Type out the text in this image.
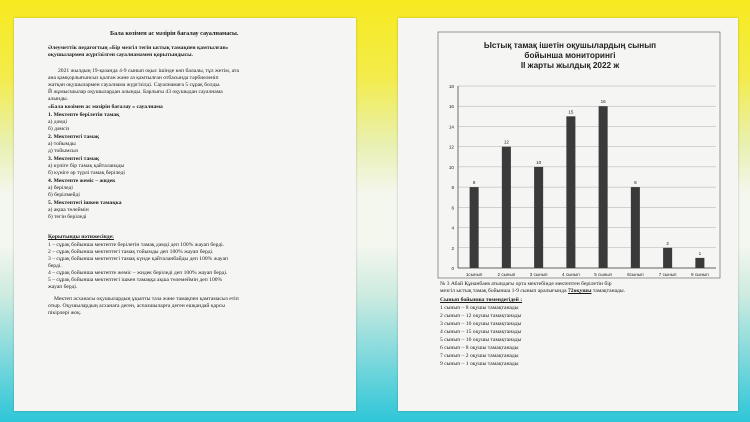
Бала көзімен ас мәзірін бағалау сауалнамасы.
Әлеуметтік педагогтың «Бір мезгіл тегін ыстық тамақпен қамтылған»
оқушылармен жүргізілген сауалнамамен қорытындысы.
2021 жылдың 19-қазанда 4-9 сынып оқыс ішінде көп балалы, тұл жетім, ата
ана қамқорлығынсыз қалған және аз қамтылған отбасында тәрбиеленіп
жатқан оқушылармен сауалнама жүргізілді. Сауалнамаға 5 сұрақ болды.
Й жұмысшылар оқушылардан алынды. Барлығы 43 оқушыдан сауалнама
алынды.
«Бала көзімен ас мәзірін бағалау » сауалнама
1. Мектепте берілетін тамақ
а) дәмді
б) дәмсіз
2. Мектептегі тамақ
а) тойымды
д) тойымсыз
3. Мектептегі тамақ
а) күнiге бір тамақ қайталанады
б) күнiге әр түрлі тамақ беріледі
4. Мектепте жеміс – жидек
а) беріледі
б) берілмейді
5. Мектептегі ішкен тамақка
а) ақша төлеймін
б) тегін беріледі
Қорытынды нәтижесінде:
1 – сұрақ бойынша мектепте берілетін тамақ дәмді деп 100% жауап берді.
2 – сұрақ бойынша мектептегі тамақ тойымды деп 100% жауап берді.
3 – сұрақ бойынша мектептегі тамақ күнде қайталанбайды деп 100% жауап
берді.
4 – сұрақ бойынша мектепте жеміс – жидек беріледі деп 100% жауап берді.
5 – сұрақ бойынша мектептегі ішкен тамаққа ақша төлемеймін деп 100%
жауап берді.
Мектеп асханасы оқушылардың ұқыпты таза және тамақпен қамтамасыз етіп
отыр. Оқушылардың асханаға деген, аспазшыларға деген ешқандай қарсы
пікірлері жоқ.
Ыстық тамақ ішетін оқушылардың сынып
бойынша мониторингі
ІІ жарты жылдық 2022 ж
0
2
4
6
8
10
12
14
16
18
8
1сынып
12
2 сынып
10
3 сынып
15
4 сынып
16
5 сынып
8
6сынып
2
7 сынып
1
9 сынып
№ 3 Абай Құнанбаев атындағы орта мектебінде мектептен берілетін бір
мезгіл ыстық тамақ бойынша 1-9 сынып аралығында 72оқушы тамақтанады.
Сынып бойынша төмендегідей :
1 сынып – 8 оқушы тамақтанады
2 сынып – 12 оқушы тамақтанады
3 сынып – 10 оқушы тамақтанады
4 сынып – 15 оқушы тамақтанады
5 сынып – 16 оқушы тамақтанады
6 сынып – 8 оқушы тамақтанады
7 сынып – 2 оқушы тамақтанады
9 сынып – 1 оқушы тамақтанады
